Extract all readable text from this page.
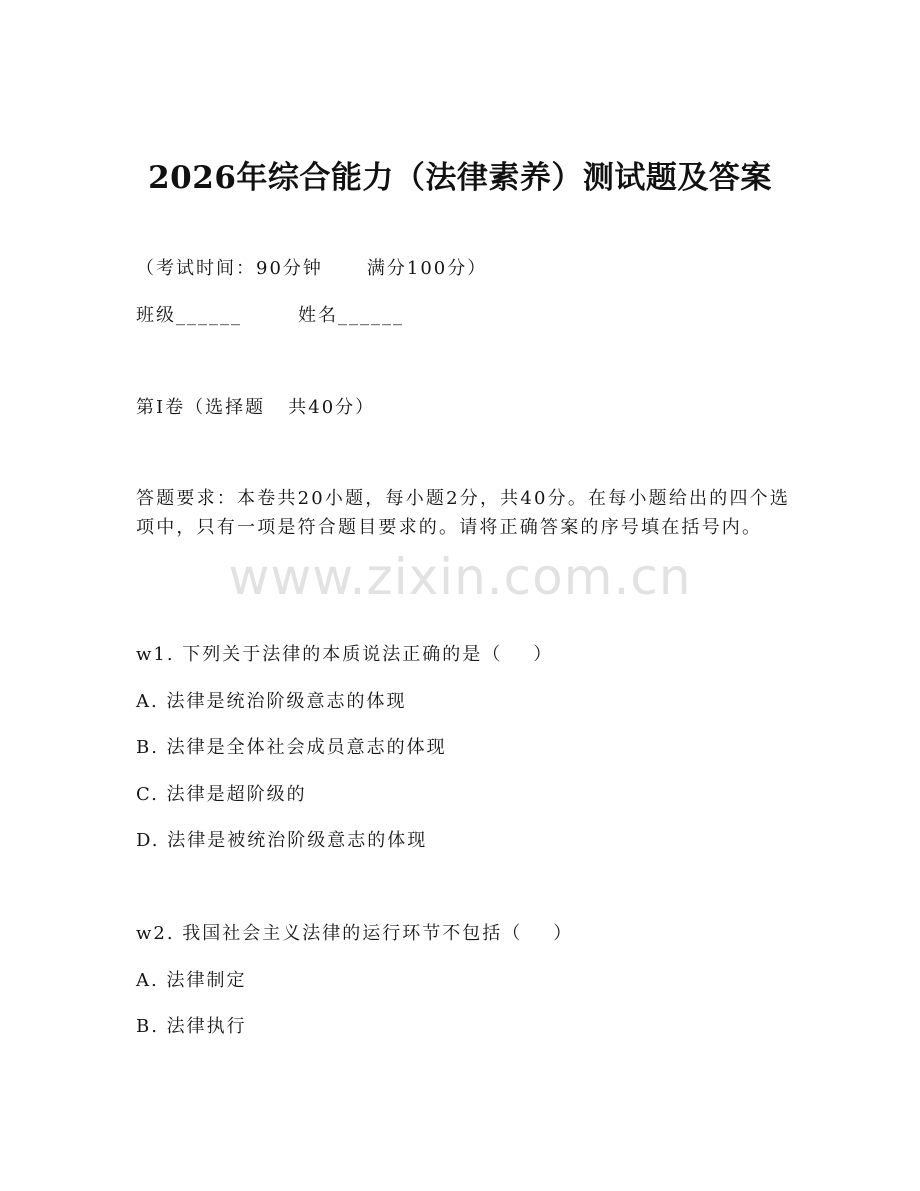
2026年综合能力（法律素养）测试题及答案
（考试时间：90分钟 满分100分）
班级______	姓名______
第I卷（选择题   共40分）
答题要求：本卷共20小题，每小题2分，共40分。在每小题给出的四个选项中，只有一项是符合题目要求的。请将正确答案的序号填在括号内。
www.zixin.com.cn
w1. 下列关于法律的本质说法正确的是（    ）
A. 法律是统治阶级意志的体现
B. 法律是全体社会成员意志的体现
C. 法律是超阶级的
D. 法律是被统治阶级意志的体现
w2. 我国社会主义法律的运行环节不包括（    ）
A. 法律制定
B. 法律执行
